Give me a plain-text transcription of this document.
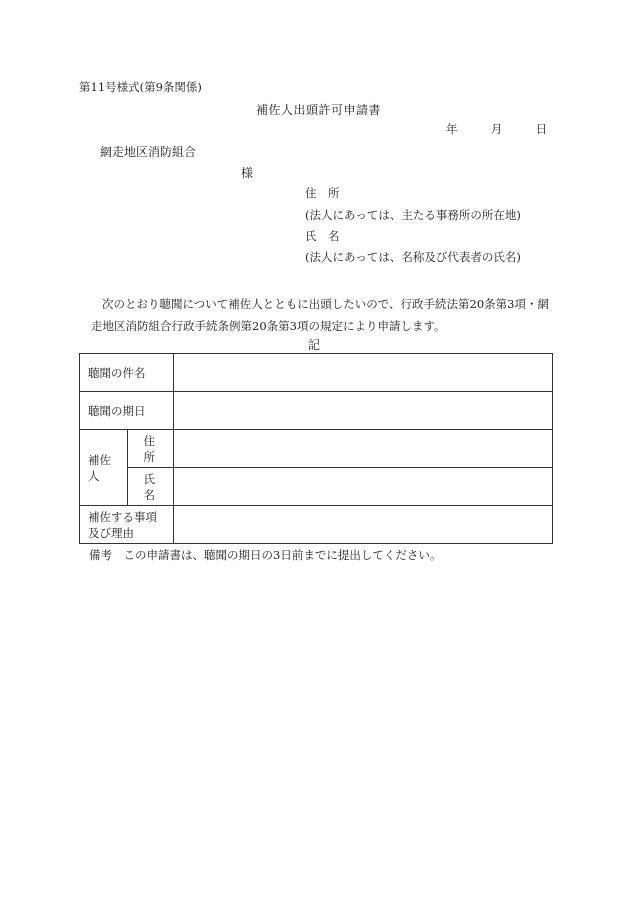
第11号様式(第9条関係)
補佐人出頭許可申請書
年	月	日
網走地区消防組合
様
住　所
(法人にあっては、主たる事務所の所在地)
氏　名
(法人にあっては、名称及び代表者の氏名)
次のとおり聴聞について補佐人とともに出頭したいので、行政手続法第20条第3項・網
走地区消防組合行政手続条例第20条第3項の規定により申請します。
記
聴聞の件名		
聴聞の期日		
補佐人	住　所	
	氏　名	
補佐する事項及び理由		
備考　この申請書は、聴聞の期日の3日前までに提出してください。
